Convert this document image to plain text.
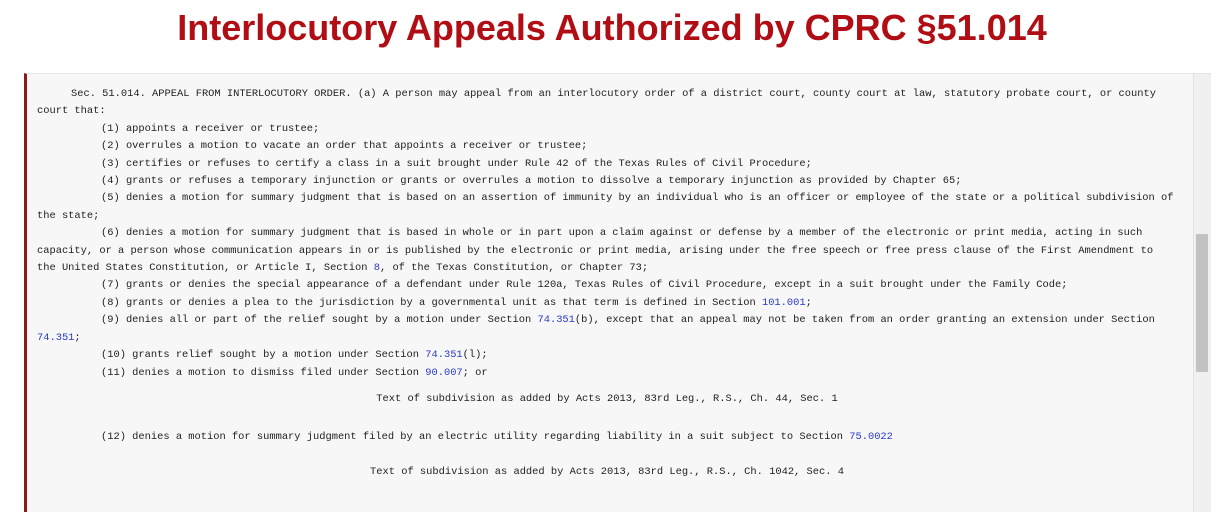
Interlocutory Appeals Authorized by CPRC §51.014

Sec. 51.014. APPEAL FROM INTERLOCUTORY ORDER. (a) A person may appeal from an interlocutory order of a district court, county court at law, statutory probate court, or county court that:

(1) appoints a receiver or trustee;

(2) overrules a motion to vacate an order that appoints a receiver or trustee;

(3) certifies or refuses to certify a class in a suit brought under Rule 42 of the Texas Rules of Civil Procedure;

(4) grants or refuses a temporary injunction or grants or overrules a motion to dissolve a temporary injunction as provided by Chapter 65;

(5) denies a motion for summary judgment that is based on an assertion of immunity by an individual who is an officer or employee of the state or a political subdivision of the state;

(6) denies a motion for summary judgment that is based in whole or in part upon a claim against or defense by a member of the electronic or print media, acting in such capacity, or a person whose communication appears in or is published by the electronic or print media, arising under the free speech or free press clause of the First Amendment to the United States Constitution, or Article I, Section 8, of the Texas Constitution, or Chapter 73;

(7) grants or denies the special appearance of a defendant under Rule 120a, Texas Rules of Civil Procedure, except in a suit brought under the Family Code;

(8) grants or denies a plea to the jurisdiction by a governmental unit as that term is defined in Section 101.001;

(9) denies all or part of the relief sought by a motion under Section 74.351(b), except that an appeal may not be taken from an order granting an extension under Section 74.351;

(10) grants relief sought by a motion under Section 74.351(l);

(11) denies a motion to dismiss filed under Section 90.007; or

Text of subdivision as added by Acts 2013, 83rd Leg., R.S., Ch. 44, Sec. 1

(12) denies a motion for summary judgment filed by an electric utility regarding liability in a suit subject to Section 75.0022

Text of subdivision as added by Acts 2013, 83rd Leg., R.S., Ch. 1042, Sec. 4
